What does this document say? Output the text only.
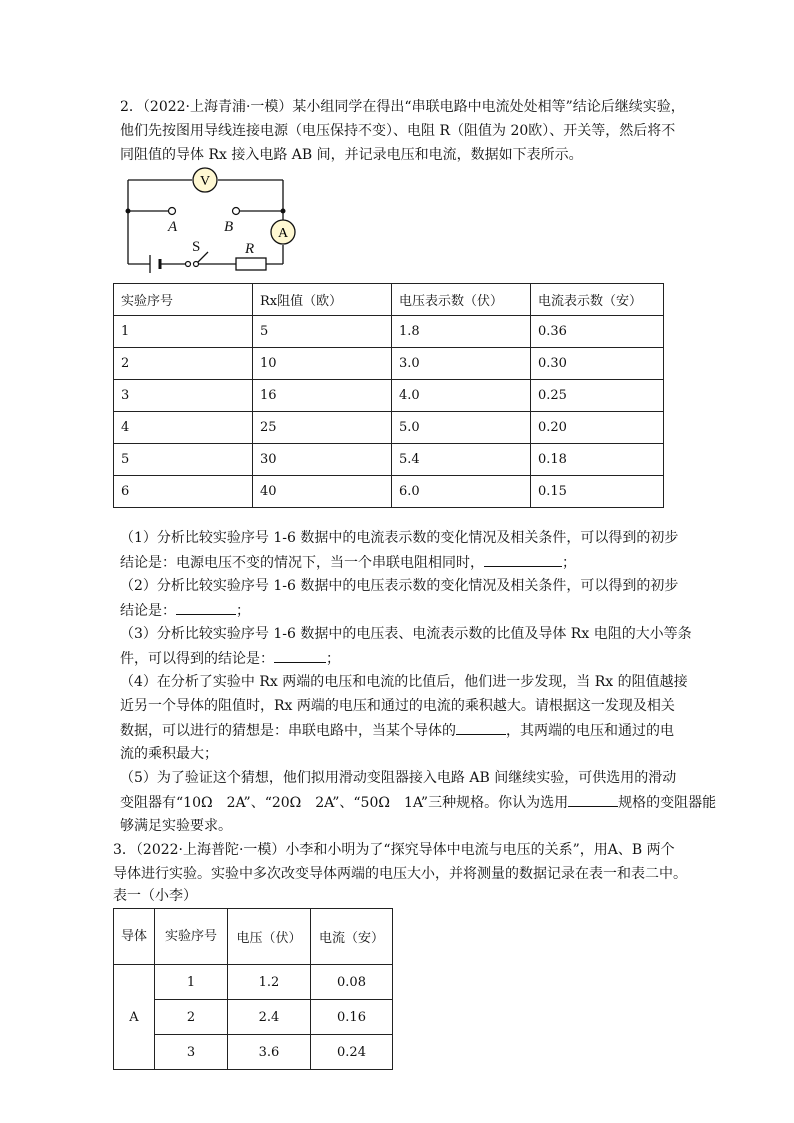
2．（2022·上海青浦·一模）某小组同学在得出“串联电路中电流处处相等”结论后继续实验，
他们先按图用导线连接电源（电压保持不变）、电阻 R（阻值为 20欧）、开关等，然后将不
同阻值的导体 Rx 接入电路 AB 间，并记录电压和电流，数据如下表所示。
V
A
A	B
R
S
实验序号	Rx阻值（欧）	电压表示数（伏）	电流表示数（安）
1	5	1.8	0.36
2	10	3.0	0.30
3	16	4.0	0.25
4	25	5.0	0.20
5	30	5.4	0.18
6	40	6.0	0.15
（1）分析比较实验序号 1-6 数据中的电流表示数的变化情况及相关条件，可以得到的初步
结论是：电源电压不变的情况下，当一个串联电阻相同时，	；
（2）分析比较实验序号 1-6 数据中的电压表示数的变化情况及相关条件，可以得到的初步
结论是：	；
（3）分析比较实验序号 1-6 数据中的电压表、电流表示数的比值及导体 Rx 电阻的大小等条
件，可以得到的结论是：	；
（4）在分析了实验中 Rx 两端的电压和电流的比值后，他们进一步发现，当 Rx 的阻值越接
近另一个导体的阻值时，Rx 两端的电压和通过的电流的乘积越大。请根据这一发现及相关
数据，可以进行的猜想是：串联电路中，当某个导体的	，其两端的电压和通过的电
流的乘积最大；
（5）为了验证这个猜想，他们拟用滑动变阻器接入电路 AB 间继续实验，可供选用的滑动
变阻器有“10Ω　2A”、“20Ω　2A”、“50Ω　1A”三种规格。你认为选用	规格的变阻器能
够满足实验要求。
3．（2022·上海普陀·一模）小李和小明为了“探究导体中电流与电压的关系”，用A、B 两个
导体进行实验。实验中多次改变导体两端的电压大小，并将测量的数据记录在表一和表二中。
表一（小李）
导体	实验序号	电压（伏）	电流（安）
A	1	1.2	0.08
	2	2.4	0.16
	3	3.6	0.24
